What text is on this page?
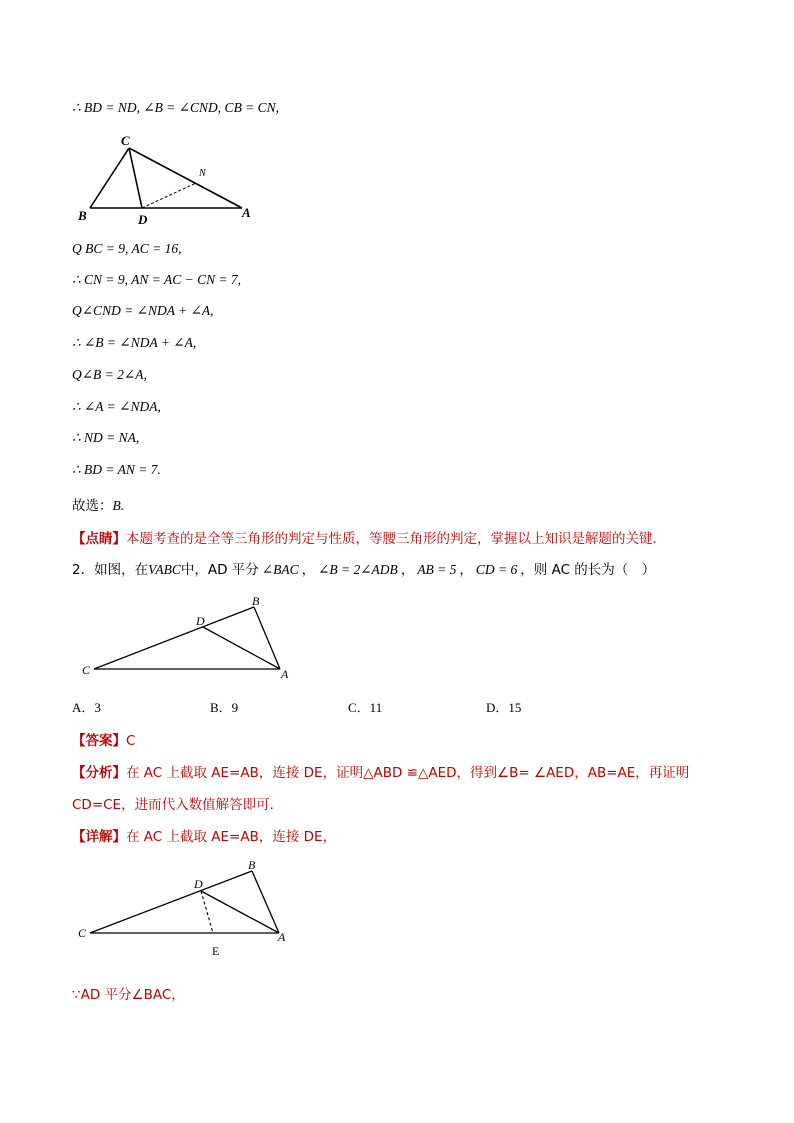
∴ BD = ND, ∠B = ∠CND, CB = CN,
C
B	D	A
N
Q BC = 9, AC = 16,
∴ CN = 9, AN = AC − CN = 7,
Q∠CND = ∠NDA + ∠A,
∴ ∠B = ∠NDA + ∠A,
Q∠B = 2∠A,
∴ ∠A = ∠NDA,
∴ ND = NA,
∴ BD = AN = 7.
故选：B.
【点睛】本题考查的是全等三角形的判定与性质，等腰三角形的判定，掌握以上知识是解题的关键．
2．如图，在VABC中，AD 平分 ∠BAC ， ∠B = 2∠ADB ， AB = 5 ， CD = 6 ，则 AC 的长为（　）
B
D
C	A
A．3	B．9	C．11	D．15
【答案】C
【分析】在 AC 上截取 AE=AB，连接 DE，证明△ABD ≌△AED，得到∠B= ∠AED，AB=AE，再证明
CD=CE，进而代入数值解答即可．
【详解】在 AC 上截取 AE=AB，连接 DE，
B
D
C	A
E
∵AD 平分∠BAC，
